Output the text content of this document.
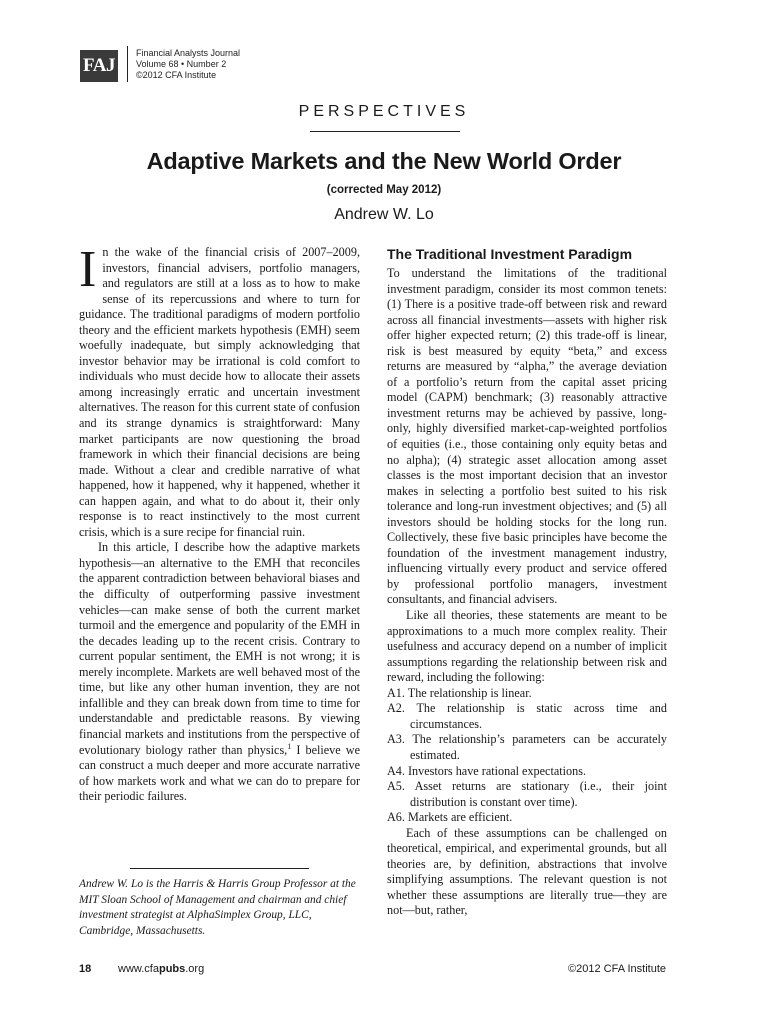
FAJ
Financial Analysts Journal
Volume 68 • Number 2
©2012 CFA Institute
PERSPECTIVES
Adaptive Markets and the New World Order
(corrected May 2012)
Andrew W. Lo

In the wake of the financial crisis of 2007–2009, investors, financial advisers, portfolio managers, and regulators are still at a loss as to how to make sense of its repercussions and where to turn for guidance. The traditional paradigms of modern portfolio theory and the efficient markets hypothesis (EMH) seem woefully inadequate, but simply acknowledging that investor behavior may be irrational is cold comfort to individuals who must decide how to allocate their assets among increasingly erratic and uncertain investment alternatives. The reason for this current state of confusion and its strange dynamics is straightforward: Many market participants are now questioning the broad framework in which their financial decisions are being made. Without a clear and credible narrative of what happened, how it happened, why it happened, whether it can happen again, and what to do about it, their only response is to react instinctively to the most current crisis, which is a sure recipe for financial ruin.

In this article, I describe how the adaptive markets hypothesis—an alternative to the EMH that reconciles the apparent contradiction between behavioral biases and the difficulty of outperforming passive investment vehicles—can make sense of both the current market turmoil and the emergence and popularity of the EMH in the decades leading up to the recent crisis. Contrary to current popular sentiment, the EMH is not wrong; it is merely incomplete. Markets are well behaved most of the time, but like any other human invention, they are not infallible and they can break down from time to time for understandable and predictable reasons. By viewing financial markets and institutions from the perspective of evolutionary biology rather than physics,$^1$ I believe we can construct a much deeper and more accurate narrative of how markets work and what we can do to prepare for their periodic failures.

Andrew W. Lo is the Harris & Harris Group Professor at the MIT Sloan School of Management and chairman and chief investment strategist at AlphaSimplex Group, LLC, Cambridge, Massachusetts.
The Traditional Investment Paradigm

To understand the limitations of the traditional investment paradigm, consider its most common tenets: (1) There is a positive trade-off between risk and reward across all financial investments—assets with higher risk offer higher expected return; (2) this trade-off is linear, risk is best measured by equity “beta,” and excess returns are measured by “alpha,” the average deviation of a portfolio’s return from the capital asset pricing model (CAPM) benchmark; (3) reasonably attractive investment returns may be achieved by passive, long-only, highly diversified market-cap-weighted portfolios of equities (i.e., those containing only equity betas and no alpha); (4) strategic asset allocation among asset classes is the most important decision that an investor makes in selecting a portfolio best suited to his risk tolerance and long-run investment objectives; and (5) all investors should be holding stocks for the long run. Collectively, these five basic principles have become the foundation of the investment management industry, influencing virtually every product and service offered by professional portfolio managers, investment consultants, and financial advisers.

Like all theories, these statements are meant to be approximations to a much more complex reality. Their usefulness and accuracy depend on a number of implicit assumptions regarding the relationship between risk and reward, including the following:

A1. The relationship is linear.
A2. The relationship is static across time and circumstances.
A3. The relationship’s parameters can be accurately estimated.
A4. Investors have rational expectations.
A5. Asset returns are stationary (i.e., their joint distribution is constant over time).
A6. Markets are efficient.

Each of these assumptions can be challenged on theoretical, empirical, and experimental grounds, but all theories are, by definition, abstractions that involve simplifying assumptions. The relevant question is not whether these assumptions are literally true—they are not—but, rather,

18 www.cfapubs.org	©2012 CFA Institute
